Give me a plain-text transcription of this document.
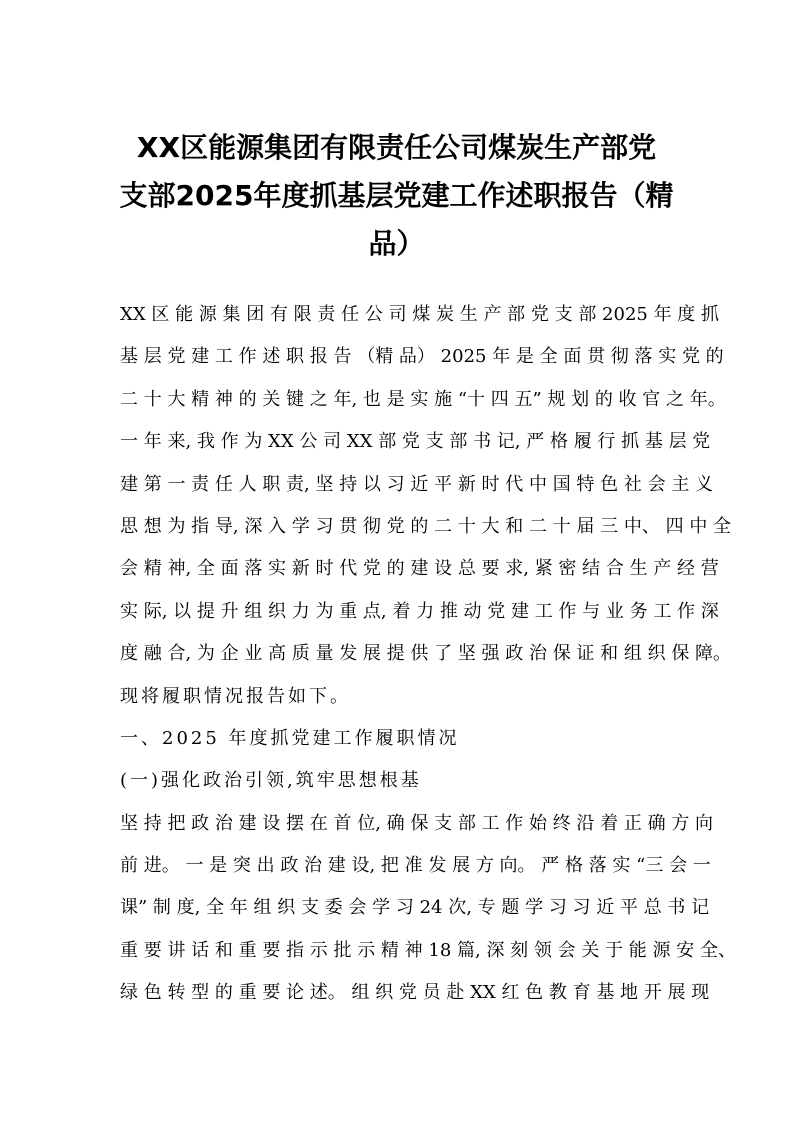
XX区能源集团有限责任公司煤炭生产部党
支部2025年度抓基层党建工作述职报告（精
品）
XX 区 能 源 集 团 有 限 责 任 公 司 煤 炭 生 产 部 党 支 部 2025 年 度 抓
基 层 党 建 工 作 述 职 报 告 （精 品） 2025 年 是 全 面 贯 彻 落 实 党 的
二 十 大 精 神 的 关 键 之 年, 也 是 实 施 “十 四 五” 规 划 的 收 官 之 年。
一 年 来, 我 作 为 XX 公 司 XX 部 党 支 部 书 记, 严 格 履 行 抓 基 层 党
建 第 一 责 任 人 职 责, 坚 持 以 习 近 平 新 时 代 中 国 特 色 社 会 主 义
思 想 为 指 导, 深 入 学 习 贯 彻 党 的 二 十 大 和 二 十 届 三 中、 四 中 全
会 精 神, 全 面 落 实 新 时 代 党 的 建 设 总 要 求, 紧 密 结 合 生 产 经 营
实 际, 以 提 升 组 织 力 为 重 点, 着 力 推 动 党 建 工 作 与 业 务 工 作 深
度 融 合, 为 企 业 高 质 量 发 展 提 供 了 坚 强 政 治 保 证 和 组 织 保 障。
现将履职情况报告如下。
一、2025 年度抓党建工作履职情况
(一)强化政治引领,筑牢思想根基
坚 持 把 政 治 建 设 摆 在 首 位, 确 保 支 部 工 作 始 终 沿 着 正 确 方 向
前 进。 一 是 突 出 政 治 建 设, 把 准 发 展 方 向。 严 格 落 实 “三 会 一
课” 制 度, 全 年 组 织 支 委 会 学 习 24 次, 专 题 学 习 习 近 平 总 书 记
重 要 讲 话 和 重 要 指 示 批 示 精 神 18 篇, 深 刻 领 会 关 于 能 源 安 全、
绿 色 转 型 的 重 要 论 述。 组 织 党 员 赴 XX 红 色 教 育 基 地 开 展 现
